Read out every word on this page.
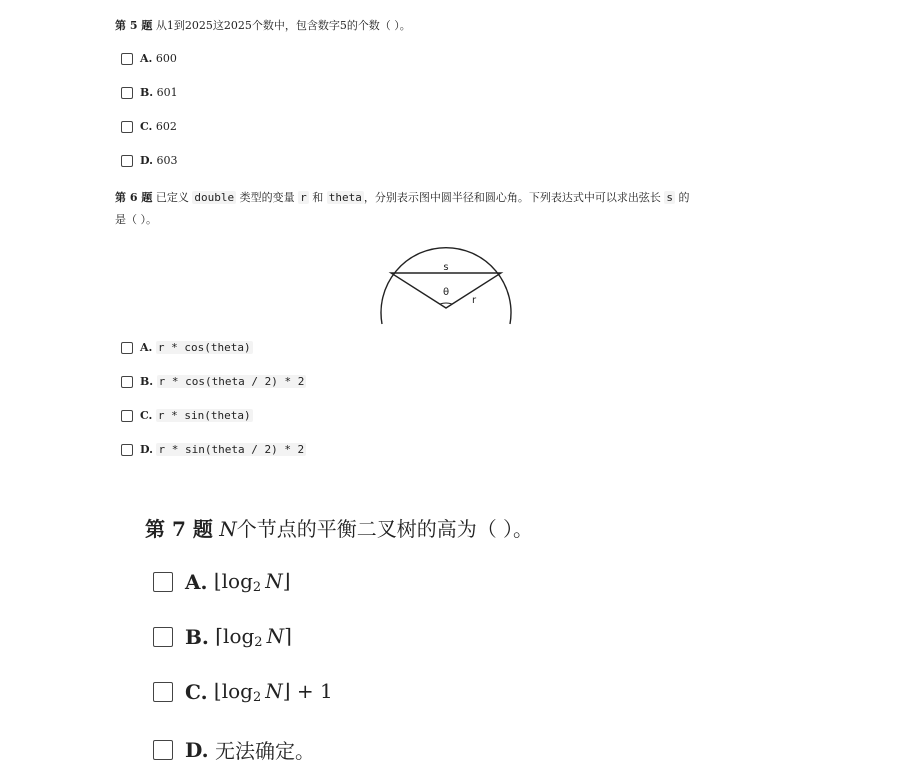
第 5 题 从1到2025这2025个数中，包含数字5的个数（ ）。
A.
600
B.
601
C.
602
D.
603
第 6 题 已定义 double 类型的变量 r 和 theta ，分别表示图中圆半径和圆心角。下列表达式中可以求出弦长 s 的
是（ ）。
s
θ
r
A.
r * cos(theta)
B.
r * cos(theta / 2) * 2
C.
r * sin(theta)
D.
r * sin(theta / 2) * 2
第 7 题 N个节点的平衡二叉树的高为（ ）。
A.
$⌊\log_2$  N⌋
B.
$⌈\log_2$  N⌉
C.
$⌊\log_2$  N⌋ + 1
D.
无法确定。
